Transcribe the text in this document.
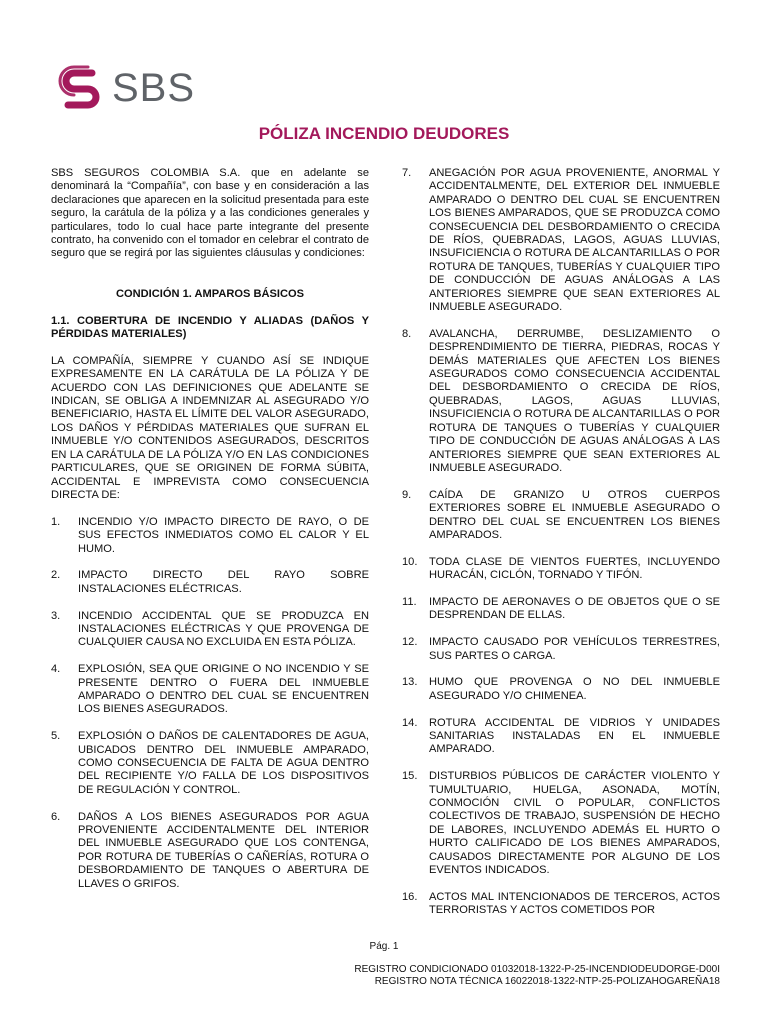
SBS
PÓLIZA INCENDIO DEUDORES

SBS SEGUROS COLOMBIA S.A. que en adelante se denominará la “Compañía”, con base y en consideración a las declaraciones que aparecen en la solicitud presentada para este seguro, la carátula de la póliza y a las condiciones generales y particulares, todo lo cual hace parte integrante del presente contrato, ha convenido con el tomador en celebrar el contrato de seguro que se regirá por las siguientes cláusulas y condiciones:

CONDICIÓN 1. AMPAROS BÁSICOS

1.1. COBERTURA DE INCENDIO Y ALIADAS (DAÑOS Y PÉRDIDAS MATERIALES)

LA COMPAÑÍA, SIEMPRE Y CUANDO ASÍ SE INDIQUE EXPRESAMENTE EN LA CARÁTULA DE LA PÓLIZA Y DE ACUERDO CON LAS DEFINICIONES QUE ADELANTE SE INDICAN, SE OBLIGA A INDEMNIZAR AL ASEGURADO Y/O BENEFICIARIO, HASTA EL LÍMITE DEL VALOR ASEGURADO, LOS DAÑOS Y PÉRDIDAS MATERIALES QUE SUFRAN EL INMUEBLE Y/O CONTENIDOS ASEGURADOS, DESCRITOS EN LA CARÁTULA DE LA PÓLIZA Y/O EN LAS CONDICIONES PARTICULARES, QUE SE ORIGINEN DE FORMA SÚBITA, ACCIDENTAL E IMPREVISTA COMO CONSECUENCIA DIRECTA DE:

1.	INCENDIO Y/O IMPACTO DIRECTO DE RAYO, O DE SUS EFECTOS INMEDIATOS COMO EL CALOR Y EL HUMO.
2.	IMPACTO DIRECTO DEL RAYO SOBRE INSTALACIONES ELÉCTRICAS.
3.	INCENDIO ACCIDENTAL QUE SE PRODUZCA EN INSTALACIONES ELÉCTRICAS Y QUE PROVENGA DE CUALQUIER CAUSA NO EXCLUIDA EN ESTA PÓLIZA.
4.	EXPLOSIÓN, SEA QUE ORIGINE O NO INCENDIO Y SE PRESENTE DENTRO O FUERA DEL INMUEBLE AMPARADO O DENTRO DEL CUAL SE ENCUENTREN LOS BIENES ASEGURADOS.
5.	EXPLOSIÓN O DAÑOS DE CALENTADORES DE AGUA, UBICADOS DENTRO DEL INMUEBLE AMPARADO, COMO CONSECUENCIA DE FALTA DE AGUA DENTRO DEL RECIPIENTE Y/O FALLA DE LOS DISPOSITIVOS DE REGULACIÓN Y CONTROL.
6.	DAÑOS A LOS BIENES ASEGURADOS POR AGUA PROVENIENTE ACCIDENTALMENTE DEL INTERIOR DEL INMUEBLE ASEGURADO QUE LOS CONTENGA, POR ROTURA DE TUBERÍAS O CAÑERÍAS, ROTURA O DESBORDAMIENTO DE TANQUES O ABERTURA DE LLAVES O GRIFOS.
7.	ANEGACIÓN POR AGUA PROVENIENTE, ANORMAL Y ACCIDENTALMENTE, DEL EXTERIOR DEL INMUEBLE AMPARADO O DENTRO DEL CUAL SE ENCUENTREN LOS BIENES AMPARADOS, QUE SE PRODUZCA COMO CONSECUENCIA DEL DESBORDAMIENTO O CRECIDA DE RÍOS, QUEBRADAS, LAGOS, AGUAS LLUVIAS, INSUFICIENCIA O ROTURA DE ALCANTARILLAS O POR ROTURA DE TANQUES, TUBERÍAS Y CUALQUIER TIPO DE CONDUCCIÓN DE AGUAS ANÁLOGAS A LAS ANTERIORES SIEMPRE QUE SEAN EXTERIORES AL INMUEBLE ASEGURADO.
8.	AVALANCHA, DERRUMBE, DESLIZAMIENTO O DESPRENDIMIENTO DE TIERRA, PIEDRAS, ROCAS Y DEMÁS MATERIALES QUE AFECTEN LOS BIENES ASEGURADOS COMO CONSECUENCIA ACCIDENTAL DEL DESBORDAMIENTO O CRECIDA DE RÍOS, QUEBRADAS, LAGOS, AGUAS LLUVIAS, INSUFICIENCIA O ROTURA DE ALCANTARILLAS O POR ROTURA DE TANQUES O TUBERÍAS Y CUALQUIER TIPO DE CONDUCCIÓN DE AGUAS ANÁLOGAS A LAS ANTERIORES SIEMPRE QUE SEAN EXTERIORES AL INMUEBLE ASEGURADO.
9.	CAÍDA DE GRANIZO U OTROS CUERPOS EXTERIORES SOBRE EL INMUEBLE ASEGURADO O DENTRO DEL CUAL SE ENCUENTREN LOS BIENES AMPARADOS.
10.	TODA CLASE DE VIENTOS FUERTES, INCLUYENDO HURACÁN, CICLÓN, TORNADO Y TIFÓN.
11.	IMPACTO DE AERONAVES O DE OBJETOS QUE O SE DESPRENDAN DE ELLAS.
12.	IMPACTO CAUSADO POR VEHÍCULOS TERRESTRES, SUS PARTES O CARGA.
13.	HUMO QUE PROVENGA O NO DEL INMUEBLE ASEGURADO Y/O CHIMENEA.
14.	ROTURA ACCIDENTAL DE VIDRIOS Y UNIDADES SANITARIAS INSTALADAS EN EL INMUEBLE AMPARADO.
15.	DISTURBIOS PÚBLICOS DE CARÁCTER VIOLENTO Y TUMULTUARIO, HUELGA, ASONADA, MOTÍN, CONMOCIÓN CIVIL O POPULAR, CONFLICTOS COLECTIVOS DE TRABAJO, SUSPENSIÓN DE HECHO DE LABORES, INCLUYENDO ADEMÁS EL HURTO O HURTO CALIFICADO DE LOS BIENES AMPARADOS, CAUSADOS DIRECTAMENTE POR ALGUNO DE LOS EVENTOS INDICADOS.
16.	ACTOS MAL INTENCIONADOS DE TERCEROS, ACTOS TERRORISTAS Y ACTOS COMETIDOS POR
Pág. 1
REGISTRO CONDICIONADO 01032018-1322-P-25-INCENDIODEUDORGE-D00I
REGISTRO NOTA TÉCNICA 16022018-1322-NTP-25-POLIZAHOGAREÑA18
